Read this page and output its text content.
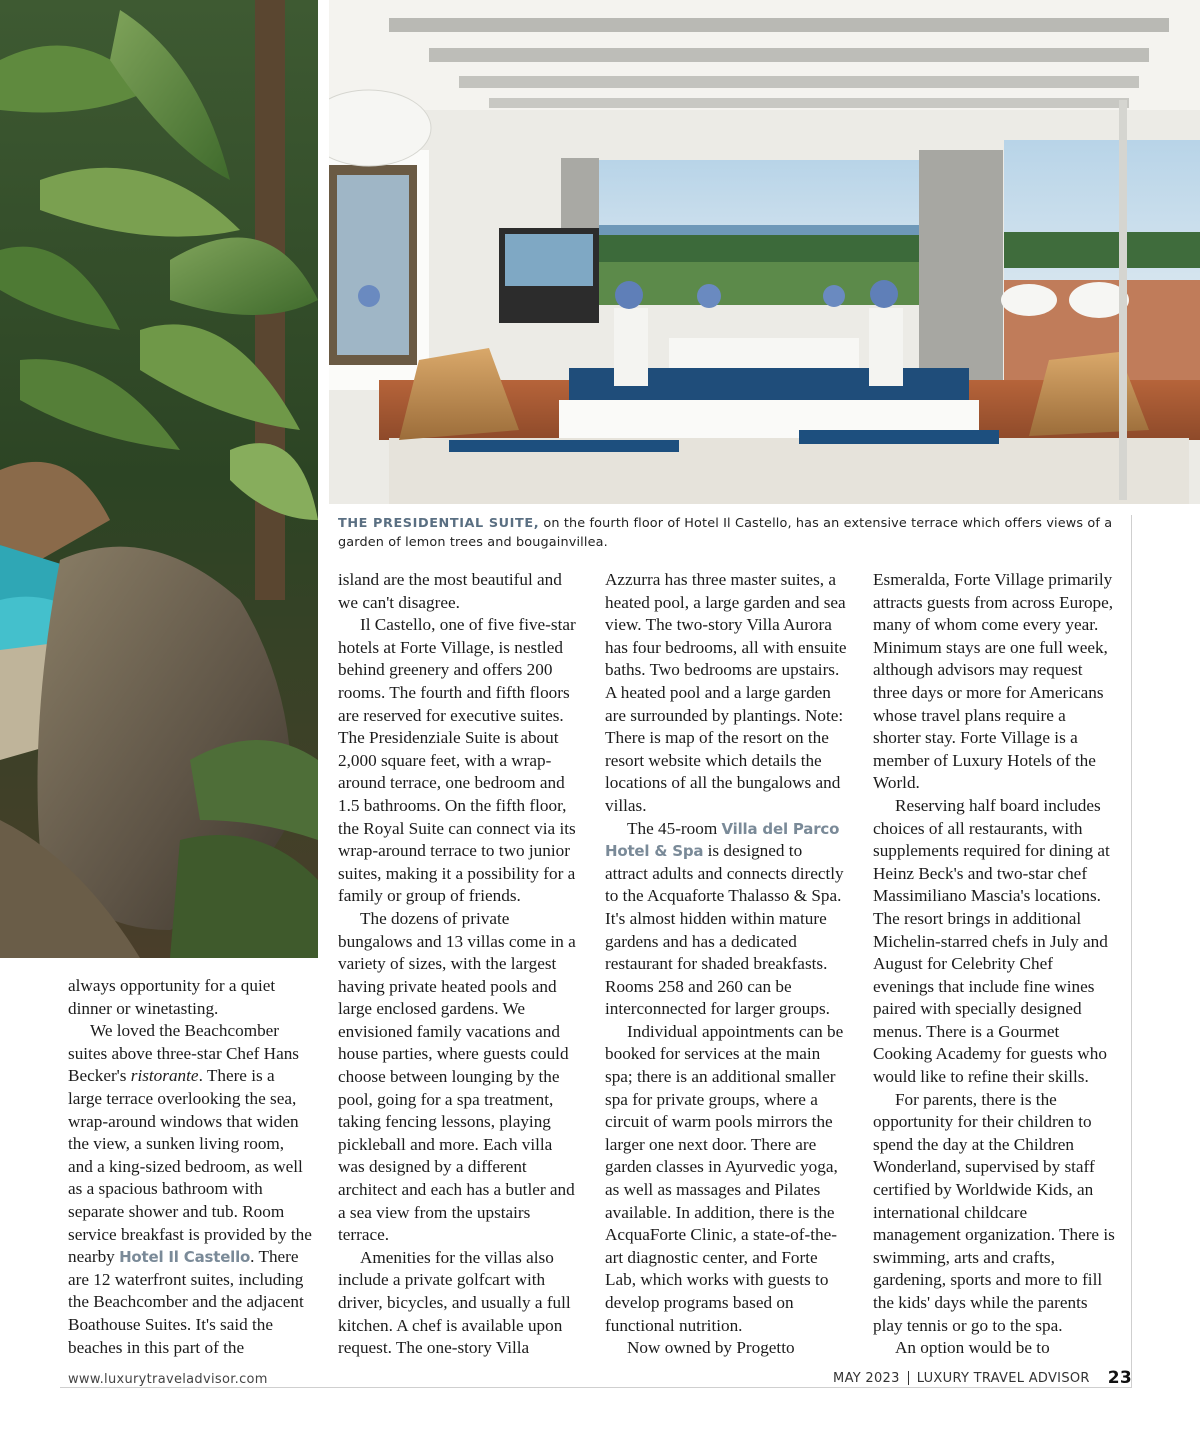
THE PRESIDENTIAL SUITE, on the fourth floor of Hotel Il Castello, has an extensive terrace which offers views of a garden of lemon trees and bougainvillea.

always opportunity for a quiet dinner or winetasting.

We loved the Beachcomber suites above three-star Chef Hans Becker's ristorante. There is a large terrace overlooking the sea, wrap-around windows that widen the view, a sunken living room, and a king-sized bedroom, as well as a spacious bathroom with separate shower and tub. Room service breakfast is provided by the nearby Hotel Il Castello. There are 12 waterfront suites, including the Beachcomber and the adjacent Boathouse Suites. It's said the beaches in this part of the

island are the most beautiful and we can't disagree.

Il Castello, one of five five-star hotels at Forte Village, is nestled behind greenery and offers 200 rooms. The fourth and fifth floors are reserved for executive suites. The Presidenziale Suite is about 2,000 square feet, with a wrap-around terrace, one bedroom and 1.5 bathrooms. On the fifth floor, the Royal Suite can connect via its wrap-around terrace to two junior suites, making it a possibility for a family or group of friends.

The dozens of private bungalows and 13 villas come in a variety of sizes, with the largest having private heated pools and large enclosed gardens. We envisioned family vacations and house parties, where guests could choose between lounging by the pool, going for a spa treatment, taking fencing lessons, playing pickleball and more. Each villa was designed by a different architect and each has a butler and a sea view from the upstairs terrace.

Amenities for the villas also include a private golfcart with driver, bicycles, and usually a full kitchen. A chef is available upon request. The one-story Villa

Azzurra has three master suites, a heated pool, a large garden and sea view. The two-story Villa Aurora has four bedrooms, all with ensuite baths. Two bedrooms are upstairs. A heated pool and a large garden are surrounded by plantings. Note: There is map of the resort on the resort website which details the locations of all the bungalows and villas.

The 45-room Villa del Parco Hotel & Spa is designed to attract adults and connects directly to the Acquaforte Thalasso & Spa. It's almost hidden within mature gardens and has a dedicated restaurant for shaded breakfasts. Rooms 258 and 260 can be interconnected for larger groups.

Individual appointments can be booked for services at the main spa; there is an additional smaller spa for private groups, where a circuit of warm pools mirrors the larger one next door. There are garden classes in Ayurvedic yoga, as well as massages and Pilates available. In addition, there is the AcquaForte Clinic, a state-of-the-art diagnostic center, and Forte Lab, which works with guests to develop programs based on functional nutrition.

Now owned by Progetto

Esmeralda, Forte Village primarily attracts guests from across Europe, many of whom come every year. Minimum stays are one full week, although advisors may request three days or more for Americans whose travel plans require a shorter stay. Forte Village is a member of Luxury Hotels of the World.

Reserving half board includes choices of all restaurants, with supplements required for dining at Heinz Beck's and two-star chef Massimiliano Mascia's locations. The resort brings in additional Michelin-starred chefs in July and August for Celebrity Chef evenings that include fine wines paired with specially designed menus. There is a Gourmet Cooking Academy for guests who would like to refine their skills.

For parents, there is the opportunity for their children to spend the day at the Children Wonderland, supervised by staff certified by Worldwide Kids, an international childcare management organization. There is swimming, arts and crafts, gardening, sports and more to fill the kids' days while the parents play tennis or go to the spa.

An option would be to

www.luxurytraveladvisor.com	MAY 2023 LUXURY TRAVEL ADVISOR 23
